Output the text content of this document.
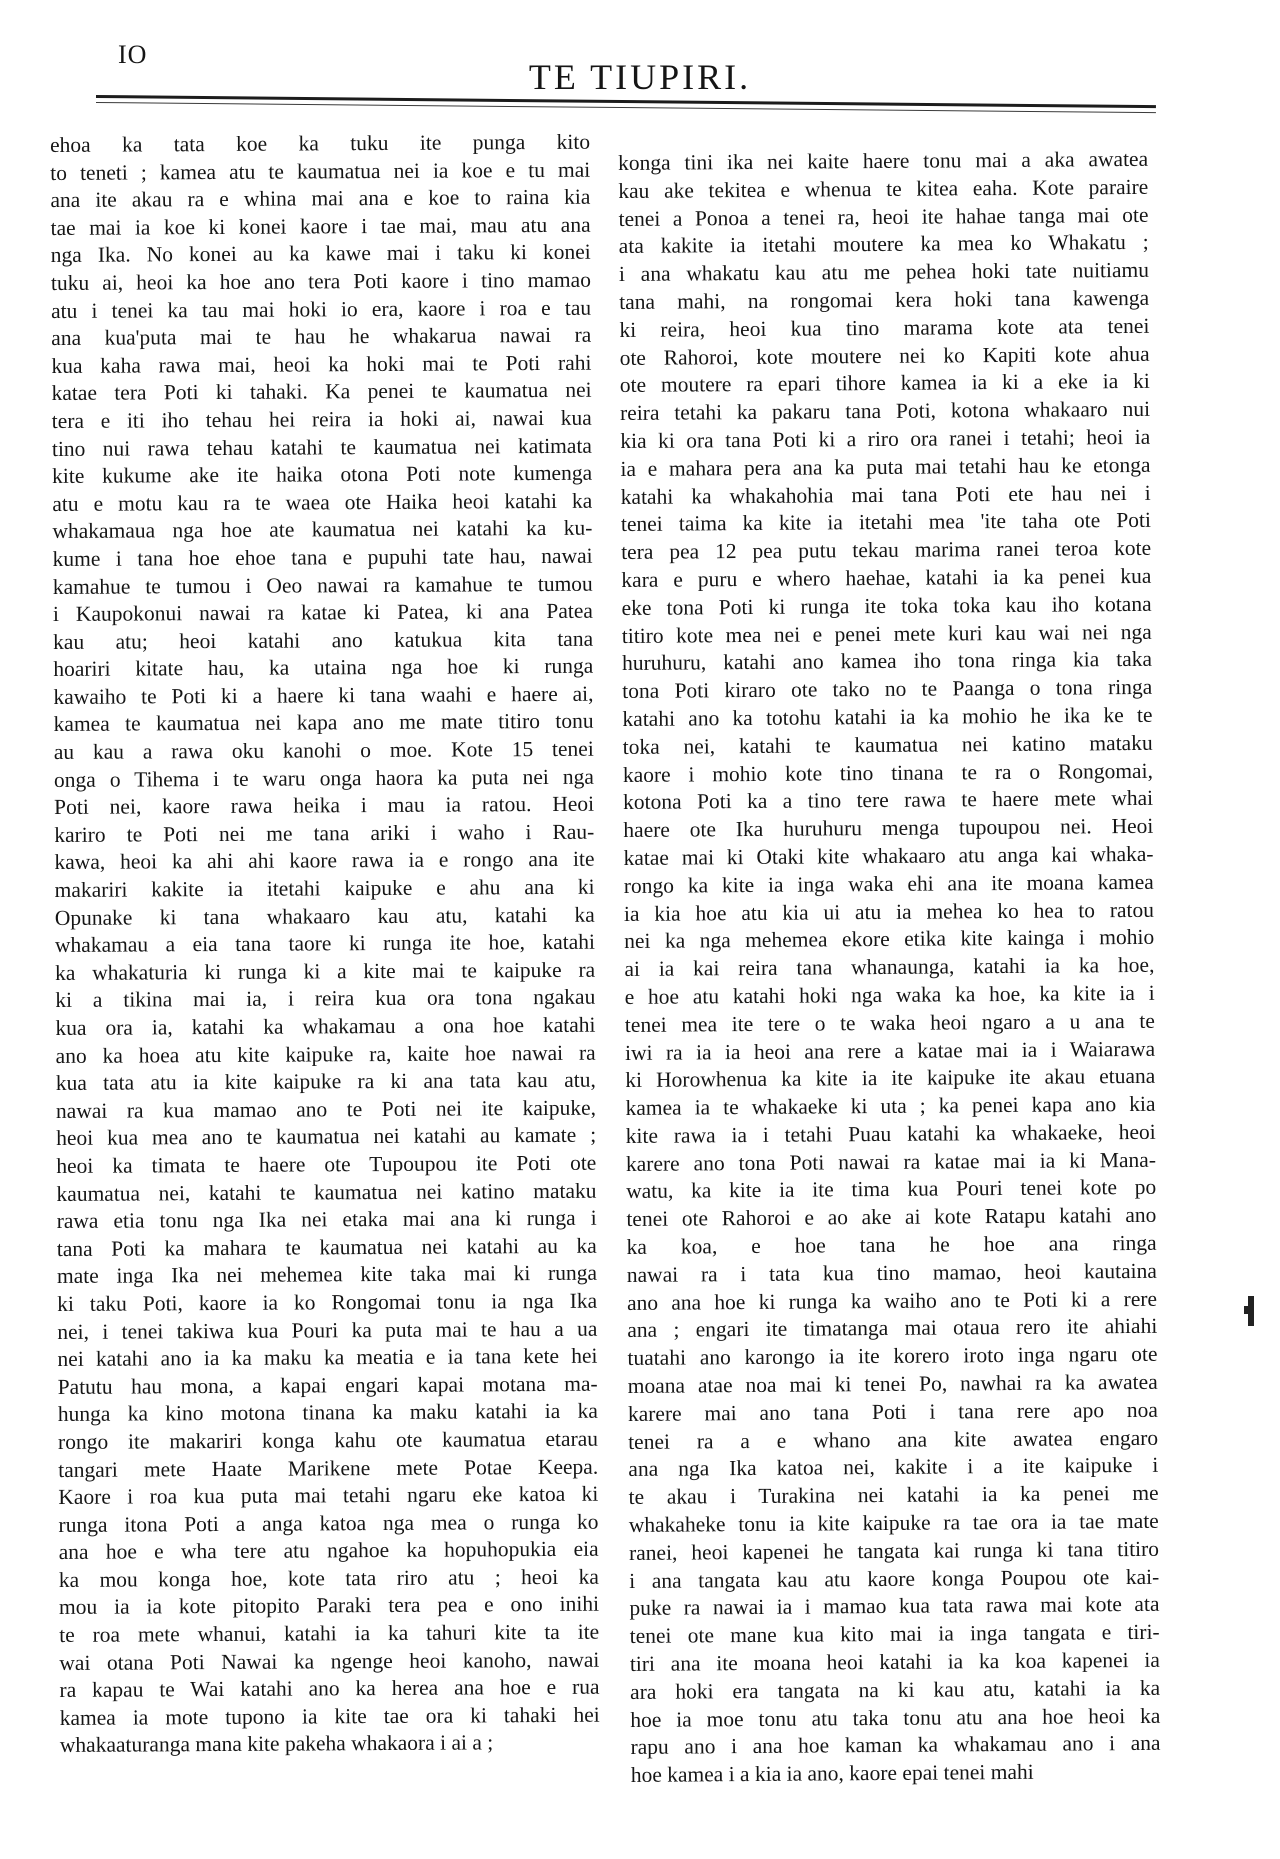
IO
TE TIUPIRI.
ehoa ka tata koe ka tuku ite punga kito
to teneti ; kamea atu te kaumatua nei ia koe e tu mai
ana ite akau ra e whina mai ana e koe to raina kia
tae mai ia koe ki konei kaore i tae mai, mau atu ana
nga Ika. No konei au ka kawe mai i taku ki konei
tuku ai, heoi ka hoe ano tera Poti kaore i tino mamao
atu i tenei ka tau mai hoki io era, kaore i roa e tau
ana kua'puta mai te hau he whakarua nawai ra
kua kaha rawa mai, heoi ka hoki mai te Poti rahi
katae tera Poti ki tahaki. Ka penei te kaumatua nei
tera e iti iho tehau hei reira ia hoki ai, nawai kua
tino nui rawa tehau katahi te kaumatua nei katimata
kite kukume ake ite haika otona Poti note kumenga
atu e motu kau ra te waea ote Haika heoi katahi ka
whakamaua nga hoe ate kaumatua nei katahi ka ku-
kume i tana hoe ehoe tana e pupuhi tate hau, nawai
kamahue te tumou i Oeo nawai ra kamahue te tumou
i Kaupokonui nawai ra katae ki Patea, ki ana Patea
kau atu; heoi katahi ano katukua kita tana
hoariri kitate hau, ka utaina nga hoe ki runga
kawaiho te Poti ki a haere ki tana waahi e haere ai,
kamea te kaumatua nei kapa ano me mate titiro tonu
au kau a rawa oku kanohi o moe. Kote 15 tenei
onga o Tihema i te waru onga haora ka puta nei nga
Poti nei, kaore rawa heika i mau ia ratou. Heoi
kariro te Poti nei me tana ariki i waho i Rau-
kawa, heoi ka ahi ahi kaore rawa ia e rongo ana ite
makariri kakite ia itetahi kaipuke e ahu ana ki
Opunake ki tana whakaaro kau atu, katahi ka
whakamau a eia tana taore ki runga ite hoe, katahi
ka whakaturia ki runga ki a kite mai te kaipuke ra
ki a tikina mai ia, i reira kua ora tona ngakau
kua ora ia, katahi ka whakamau a ona hoe katahi
ano ka hoea atu kite kaipuke ra, kaite hoe nawai ra
kua tata atu ia kite kaipuke ra ki ana tata kau atu,
nawai ra kua mamao ano te Poti nei ite kaipuke,
heoi kua mea ano te kaumatua nei katahi au kamate ;
heoi ka timata te haere ote Tupoupou ite Poti ote
kaumatua nei, katahi te kaumatua nei katino mataku
rawa etia tonu nga Ika nei etaka mai ana ki runga i
tana Poti ka mahara te kaumatua nei katahi au ka
mate inga Ika nei mehemea kite taka mai ki runga
ki taku Poti, kaore ia ko Rongomai tonu ia nga Ika
nei, i tenei takiwa kua Pouri ka puta mai te hau a ua
nei katahi ano ia ka maku ka meatia e ia tana kete hei
Patutu hau mona, a kapai engari kapai motana ma-
hunga ka kino motona tinana ka maku katahi ia ka
rongo ite makariri konga kahu ote kaumatua etarau
tangari mete Haate Marikene mete Potae Keepa.
Kaore i roa kua puta mai tetahi ngaru eke katoa ki
runga itona Poti a anga katoa nga mea o runga ko
ana hoe e wha tere atu ngahoe ka hopuhopukia eia
ka mou konga hoe, kote tata riro atu ; heoi ka
mou ia ia kote pitopito Paraki tera pea e ono inihi
te roa mete whanui, katahi ia ka tahuri kite ta ite
wai otana Poti Nawai ka ngenge heoi kanoho, nawai
ra kapau te Wai katahi ano ka herea ana hoe e rua
kamea ia mote tupono ia kite tae ora ki tahaki hei
whakaaturanga mana kite pakeha whakaora i ai a ;
konga tini ika nei kaite haere tonu mai a aka awatea
kau ake tekitea e whenua te kitea eaha. Kote paraire
tenei a Ponoa a tenei ra, heoi ite hahae tanga mai ote
ata kakite ia itetahi moutere ka mea ko Whakatu ;
i ana whakatu kau atu me pehea hoki tate nuitiamu
tana mahi, na rongomai kera hoki tana kawenga
ki reira, heoi kua tino marama kote ata tenei
ote Rahoroi, kote moutere nei ko Kapiti kote ahua
ote moutere ra epari tihore kamea ia ki a eke ia ki
reira tetahi ka pakaru tana Poti, kotona whakaaro nui
kia ki ora tana Poti ki a riro ora ranei i tetahi; heoi ia
ia e mahara pera ana ka puta mai tetahi hau ke etonga
katahi ka whakahohia mai tana Poti ete hau nei i
tenei taima ka kite ia itetahi mea 'ite taha ote Poti
tera pea 12 pea putu tekau marima ranei teroa kote
kara e puru e whero haehae, katahi ia ka penei kua
eke tona Poti ki runga ite toka toka kau iho kotana
titiro kote mea nei e penei mete kuri kau wai nei nga
huruhuru, katahi ano kamea iho tona ringa kia taka
tona Poti kiraro ote tako no te Paanga o tona ringa
katahi ano ka totohu katahi ia ka mohio he ika ke te
toka nei, katahi te kaumatua nei katino mataku
kaore i mohio kote tino tinana te ra o Rongomai,
kotona Poti ka a tino tere rawa te haere mete whai
haere ote Ika huruhuru menga tupoupou nei. Heoi
katae mai ki Otaki kite whakaaro atu anga kai whaka-
rongo ka kite ia inga waka ehi ana ite moana kamea
ia kia hoe atu kia ui atu ia mehea ko hea to ratou
nei ka nga mehemea ekore etika kite kainga i mohio
ai ia kai reira tana whanaunga, katahi ia ka hoe,
e hoe atu katahi hoki nga waka ka hoe, ka kite ia i
tenei mea ite tere o te waka heoi ngaro a u ana te
iwi ra ia ia heoi ana rere a katae mai ia i Waiarawa
ki Horowhenua ka kite ia ite kaipuke ite akau etuana
kamea ia te whakaeke ki uta ; ka penei kapa ano kia
kite rawa ia i tetahi Puau katahi ka whakaeke, heoi
karere ano tona Poti nawai ra katae mai ia ki Mana-
watu, ka kite ia ite tima kua Pouri tenei kote po
tenei ote Rahoroi e ao ake ai kote Ratapu katahi ano
ka koa, e hoe tana he hoe ana ringa
nawai ra i tata kua tino mamao, heoi kautaina
ano ana hoe ki runga ka waiho ano te Poti ki a rere
ana ; engari ite timatanga mai otaua rero ite ahiahi
tuatahi ano karongo ia ite korero iroto inga ngaru ote
moana atae noa mai ki tenei Po, nawhai ra ka awatea
karere mai ano tana Poti i tana rere apo noa
tenei ra a e whano ana kite awatea engaro
ana nga Ika katoa nei, kakite i a ite kaipuke i
te akau i Turakina nei katahi ia ka penei me
whakaheke tonu ia kite kaipuke ra tae ora ia tae mate
ranei, heoi kapenei he tangata kai runga ki tana titiro
i ana tangata kau atu kaore konga Poupou ote kai-
puke ra nawai ia i mamao kua tata rawa mai kote ata
tenei ote mane kua kito mai ia inga tangata e tiri-
tiri ana ite moana heoi katahi ia ka koa kapenei ia
ara hoki era tangata na ki kau atu, katahi ia ka
hoe ia moe tonu atu taka tonu atu ana hoe heoi ka
rapu ano i ana hoe kaman ka whakamau ano i ana
hoe kamea i a kia ia ano, kaore epai tenei mahi
